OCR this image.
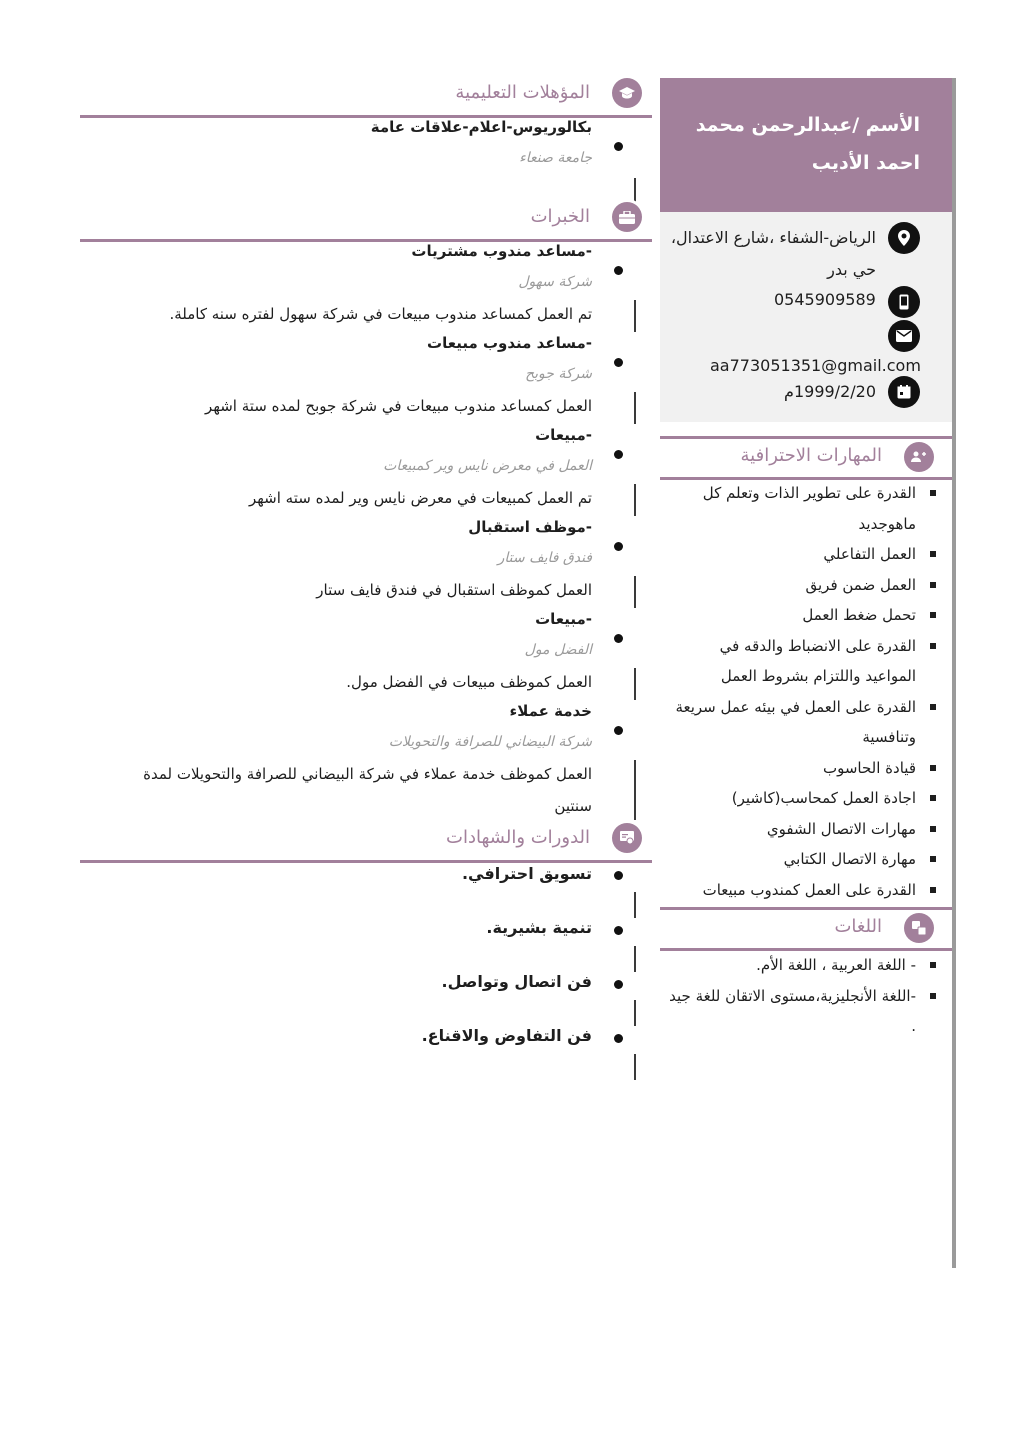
الأسم /عبدالرحمن محمد احمد الأديب
الرياض-الشفاء ،شارع الاعتدال، حي بدر
0545909589
aa773051351@gmail.com
1999/2/20م
المهارات الاحترافية
القدرة على تطوير الذات وتعلم كل ماهوجديد
العمل التفاعلي
العمل ضمن فريق
تحمل ضغط العمل
القدرة على الانضباط والدقه في المواعيد واللتزام بشروط العمل
القدرة على العمل في بيئه عمل سريعة وتنافسية
قيادة الحاسوب
اجادة العمل كمحاسب(كاشير)
مهارات الاتصال الشفوي
مهارة الاتصال الكتابي
القدرة على العمل كمندوب مبيعات
اللغات
- اللغة العربية ، اللغة الأم.
-اللغة الأنجليزية،مستوى الاتقان للغة جيد .
المؤهلات التعليمية
بكالوريوس-اعلام-علاقات عامة
جامعة صنعاء
الخبرات
-مساعد مندوب مشتريات
شركة سهول
تم العمل كمساعد مندوب مبيعات في شركة سهول لفتره سنه كاملة.
-مساعد مندوب مبيعات
شركة جوبح
العمل كمساعد مندوب مبيعات في شركة جوبح لمده ستة اشهر
-مبيعات
العمل في معرض نايس وير كمبيعات
تم العمل كمبيعات في معرض نايس وير لمده سته اشهر
-موظف استقبال
فندق فايف ستار
العمل كموظف استقبال في فندق فايف ستار
-مبيعات
الفضل مول
العمل كموظف مبيعات في الفضل مول.
خدمة عملاء
شركة البيضاني للصرافة والتحويلات
العمل كموظف خدمة عملاء في شركة البيضاني للصرافة والتحويلات لمدة سنتين
الدورات والشهادات
تسويق احترافي.
تنمية بشيرية.
فن اتصال وتواصل.
فن التفاوض والاقناع.
